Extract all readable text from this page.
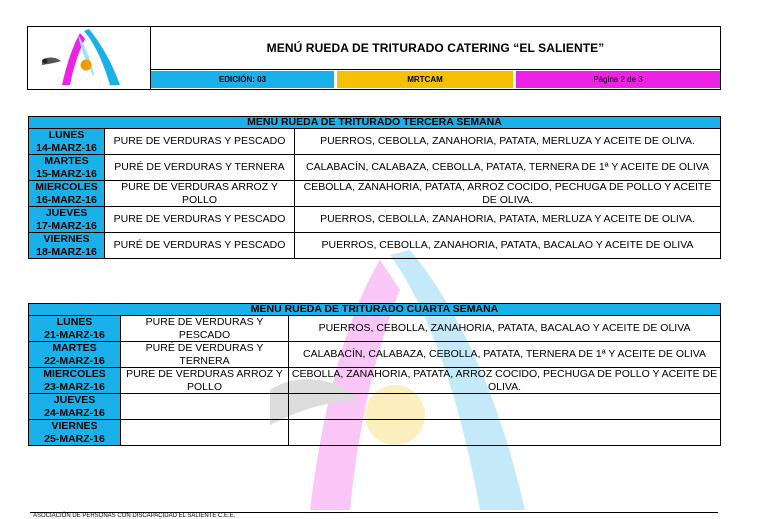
MENÚ RUEDA DE TRITURADO CATERING “EL SALIENTE”
EDICIÓN: 03	MRTCAM	Página 2 de 3
MENU RUEDA DE TRITURADO TERCERA SEMANA		
LUNES
14-MARZ-16	PURE DE VERDURAS Y PESCADO	PUERROS, CEBOLLA, ZANAHORIA, PATATA, MERLUZA Y ACEITE DE OLIVA.
MARTES
15-MARZ-16	PURÉ DE VERDURAS Y TERNERA	CALABACÍN, CALABAZA, CEBOLLA, PATATA, TERNERA DE 1ª Y ACEITE DE OLIVA
MIERCOLES
16-MARZ-16	PURE DE VERDURAS ARROZ Y POLLO	CEBOLLA, ZANAHORIA, PATATA, ARROZ COCIDO, PECHUGA DE POLLO Y ACEITE DE OLIVA.
JUEVES
17-MARZ-16	PURE DE VERDURAS Y PESCADO	PUERROS, CEBOLLA, ZANAHORIA, PATATA, MERLUZA Y ACEITE DE OLIVA.
VIERNES
18-MARZ-16	PURÉ DE VERDURAS Y PESCADO	PUERROS, CEBOLLA, ZANAHORIA, PATATA, BACALAO Y ACEITE DE OLIVA
MENU RUEDA DE TRITURADO CUARTA SEMANA		
LUNES
21-MARZ-16	PURE DE VERDURAS Y PESCADO	PUERROS, CEBOLLA, ZANAHORIA, PATATA, BACALAO Y ACEITE DE OLIVA
MARTES
22-MARZ-16	PURÉ DE VERDURAS Y TERNERA	CALABACÍN, CALABAZA, CEBOLLA, PATATA, TERNERA DE 1ª Y ACEITE DE OLIVA
MIERCOLES
23-MARZ-16	PURE DE VERDURAS ARROZ Y POLLO	CEBOLLA, ZANAHORIA, PATATA, ARROZ COCIDO, PECHUGA DE POLLO Y ACEITE DE OLIVA.
JUEVES
24-MARZ-16		
VIERNES
25-MARZ-16		
ASOCIACIÓN DE PERSONAS CON DISCAPACIDAD EL SALIENTE C.E.E.
